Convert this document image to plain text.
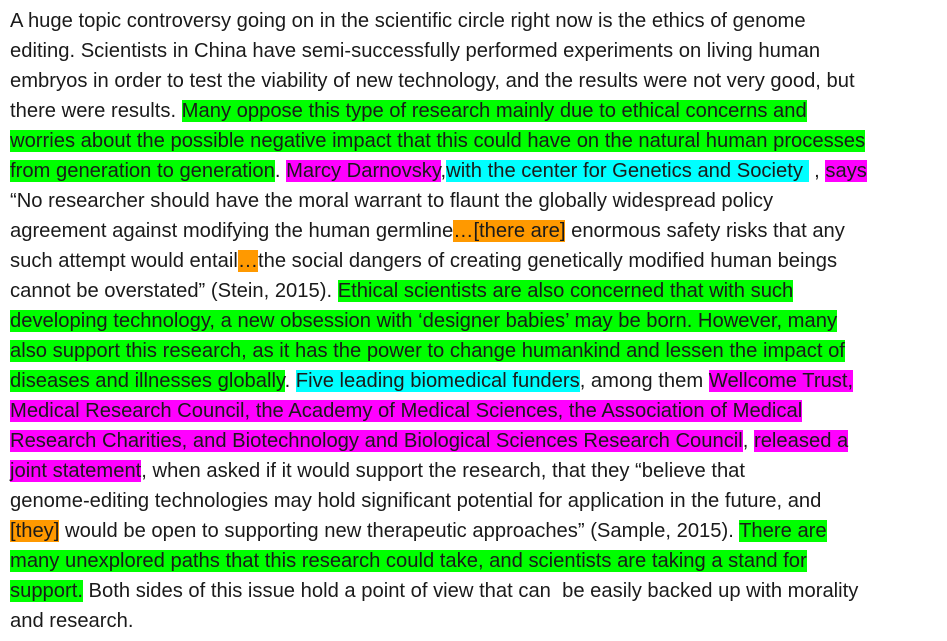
A huge topic controversy going on in the scientific circle right now is the ethics of genome
editing. Scientists in China have semi-successfully performed experiments on living human
embryos in order to test the viability of new technology, and the results were not very good, but
there were results. Many oppose this type of research mainly due to ethical concerns and
worries about the possible negative impact that this could have on the natural human processes
from generation to generation. Marcy Darnovsky,with the center for Genetics and Society  , says
“No researcher should have the moral warrant to flaunt the globally widespread policy
agreement against modifying the human germline…[there are] enormous safety risks that any
such attempt would entail…the social dangers of creating genetically modified human beings
cannot be overstated” (Stein, 2015). Ethical scientists are also concerned that with such
developing technology, a new obsession with ‘designer babies’ may be born. However, many
also support this research, as it has the power to change humankind and lessen the impact of
diseases and illnesses globally. Five leading biomedical funders, among them Wellcome Trust,
Medical Research Council, the Academy of Medical Sciences, the Association of Medical
Research Charities, and Biotechnology and Biological Sciences Research Council, released a
joint statement, when asked if it would support the research, that they “believe that
genome-editing technologies may hold significant potential for application in the future, and
[they] would be open to supporting new therapeutic approaches” (Sample, 2015). There are
many unexplored paths that this research could take, and scientists are taking a stand for
support. Both sides of this issue hold a point of view that can  be easily backed up with morality
and research.
